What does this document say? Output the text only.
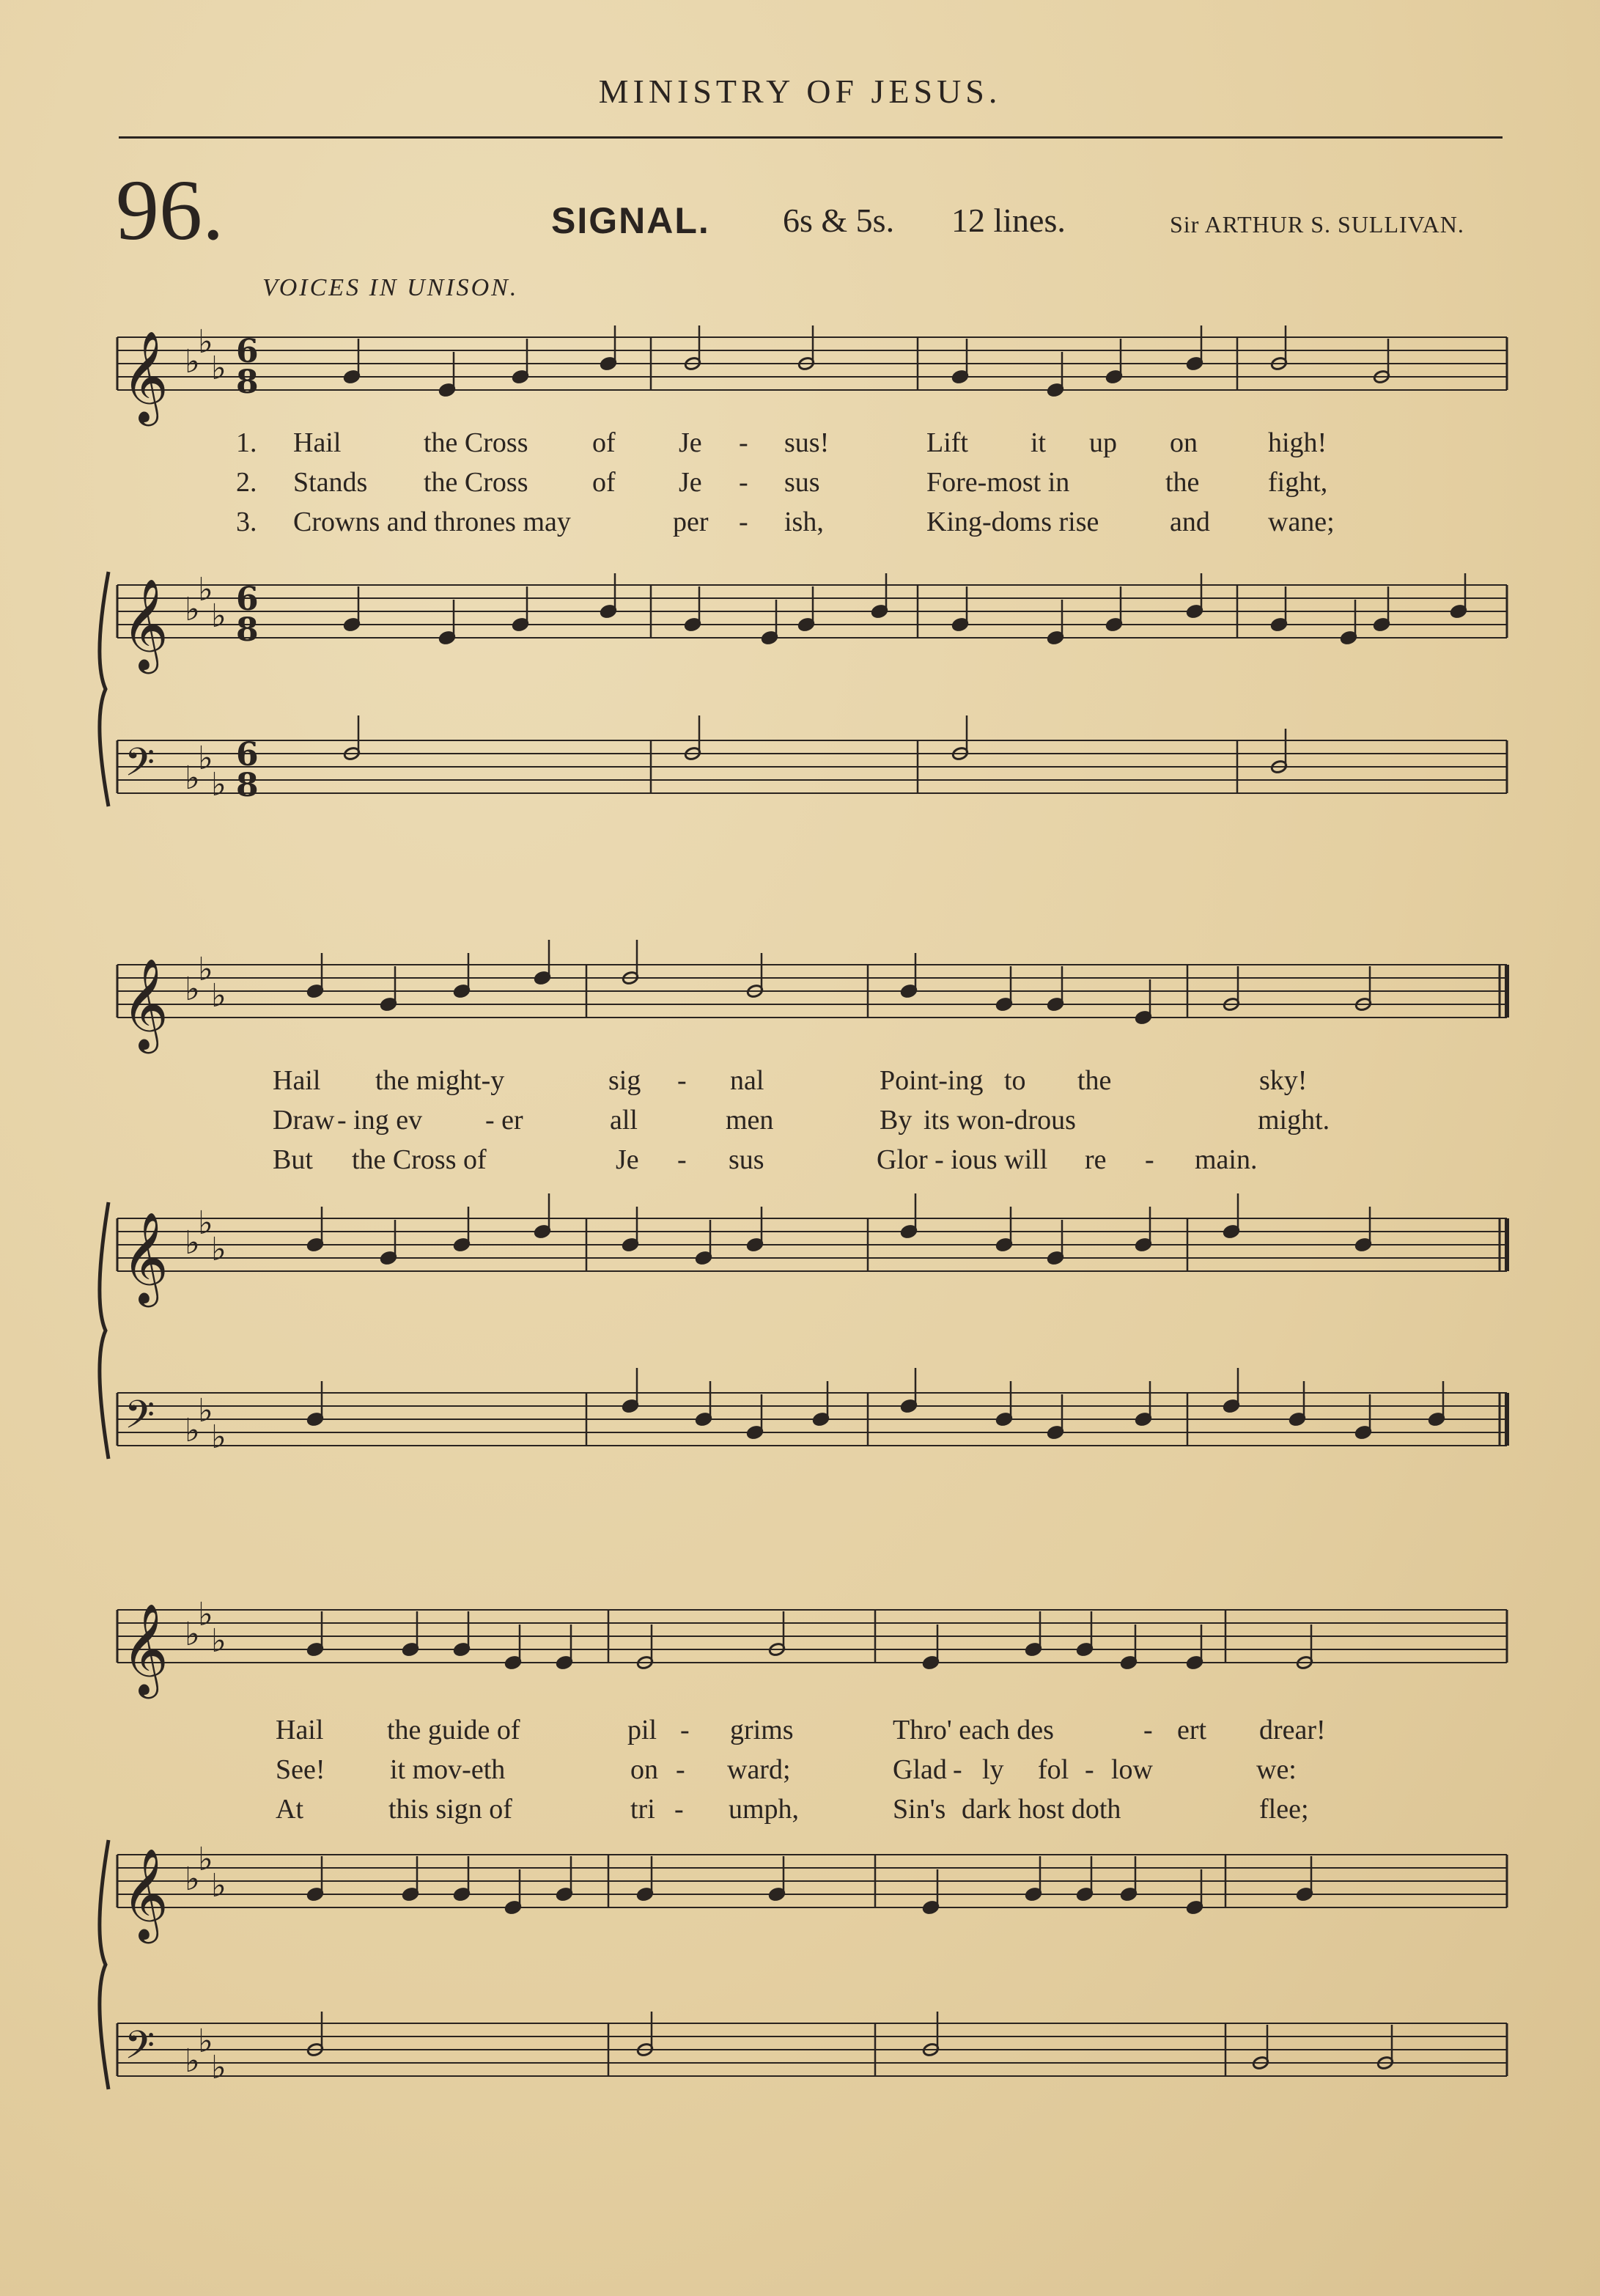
MINISTRY OF JESUS.
96.	SIGNAL. 6s & 5s. 12 lines.	Sir ARTHUR S. SULLIVAN.
VOICES IN UNISON.
𝄞 ♭
♭
♭ 6
8
𝄞 ♭
♭
♭ 6
8
𝄢 ♭
♭
♭
6
8
𝄞 ♭
♭
♭
𝄞 ♭
♭
♭
𝄢 ♭
♭
♭
𝄞 ♭
♭
♭
𝄞 ♭
♭
♭
𝄢 ♭
♭
♭
1.
2.
3.
Hail	the Cross of Je - sus!	Lift it up on	high!
Stands the Cross of Je - sus	Fore-most in	the fight,
Crowns and thrones may	per - ish,	King-doms rise	and wane;
Hail the might-y	sig - nal	Point-ing to the	sky!
Draw - ing ev - er	all	men	By its won-drous	might.
But the Cross of	Je - sus	Glor - ious will re - main.
Hail the guide of	pil - grims	Thro' each des	- ert drear!
See! it mov-eth	on - ward;	Glad - ly fol - low	we:
At	this sign of	tri - umph,	Sin's dark host doth	flee;
